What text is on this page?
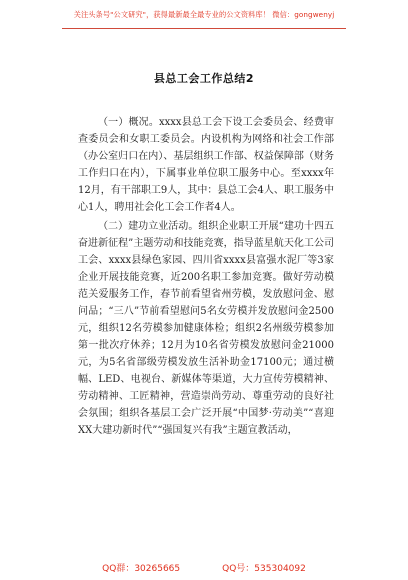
关注头条号"公文研究"，获得最新最全最专业的公文资料库！ 微信：gongwenyj
县总工会工作总结2

（一）概况。xxxx县总工会下设工会委员会、经费审查委员会和女职工委员会。内设机构为网络和社会工作部（办公室归口在内）、基层组织工作部、权益保障部（财务工作归口在内），下属事业单位职工服务中心。至xxxx年12月，有干部职工9人，其中：县总工会4人、职工服务中心1人，聘用社会化工会工作者4人。

（二）建功立业活动。组织企业职工开展“建功十四五奋进新征程”主题劳动和技能竞赛，指导蓝星航天化工公司工会、xxxx县绿色家园、四川省xxxx县富强水泥厂等3家企业开展技能竞赛，近200名职工参加竞赛。做好劳动模范关爱服务工作，春节前看望省州劳模，发放慰问金、慰问品；“三八”节前看望慰问5名女劳模并发放慰问金2500元，组织12名劳模参加健康体检；组织2名州级劳模参加第一批次疗休养；12月为10名省劳模发放慰问金21000元，为5名省部级劳模发放生活补助金17100元；通过横幅、LED、电视台、新媒体等渠道，大力宣传劳模精神、劳动精神、工匠精神，营造崇尚劳动、尊重劳动的良好社会氛围；组织各基层工会广泛开展“中国梦·劳动美”“喜迎XX大建功新时代”“强国复兴有我”主题宣教活动，

QQ群：30265665	QQ号：535304092
